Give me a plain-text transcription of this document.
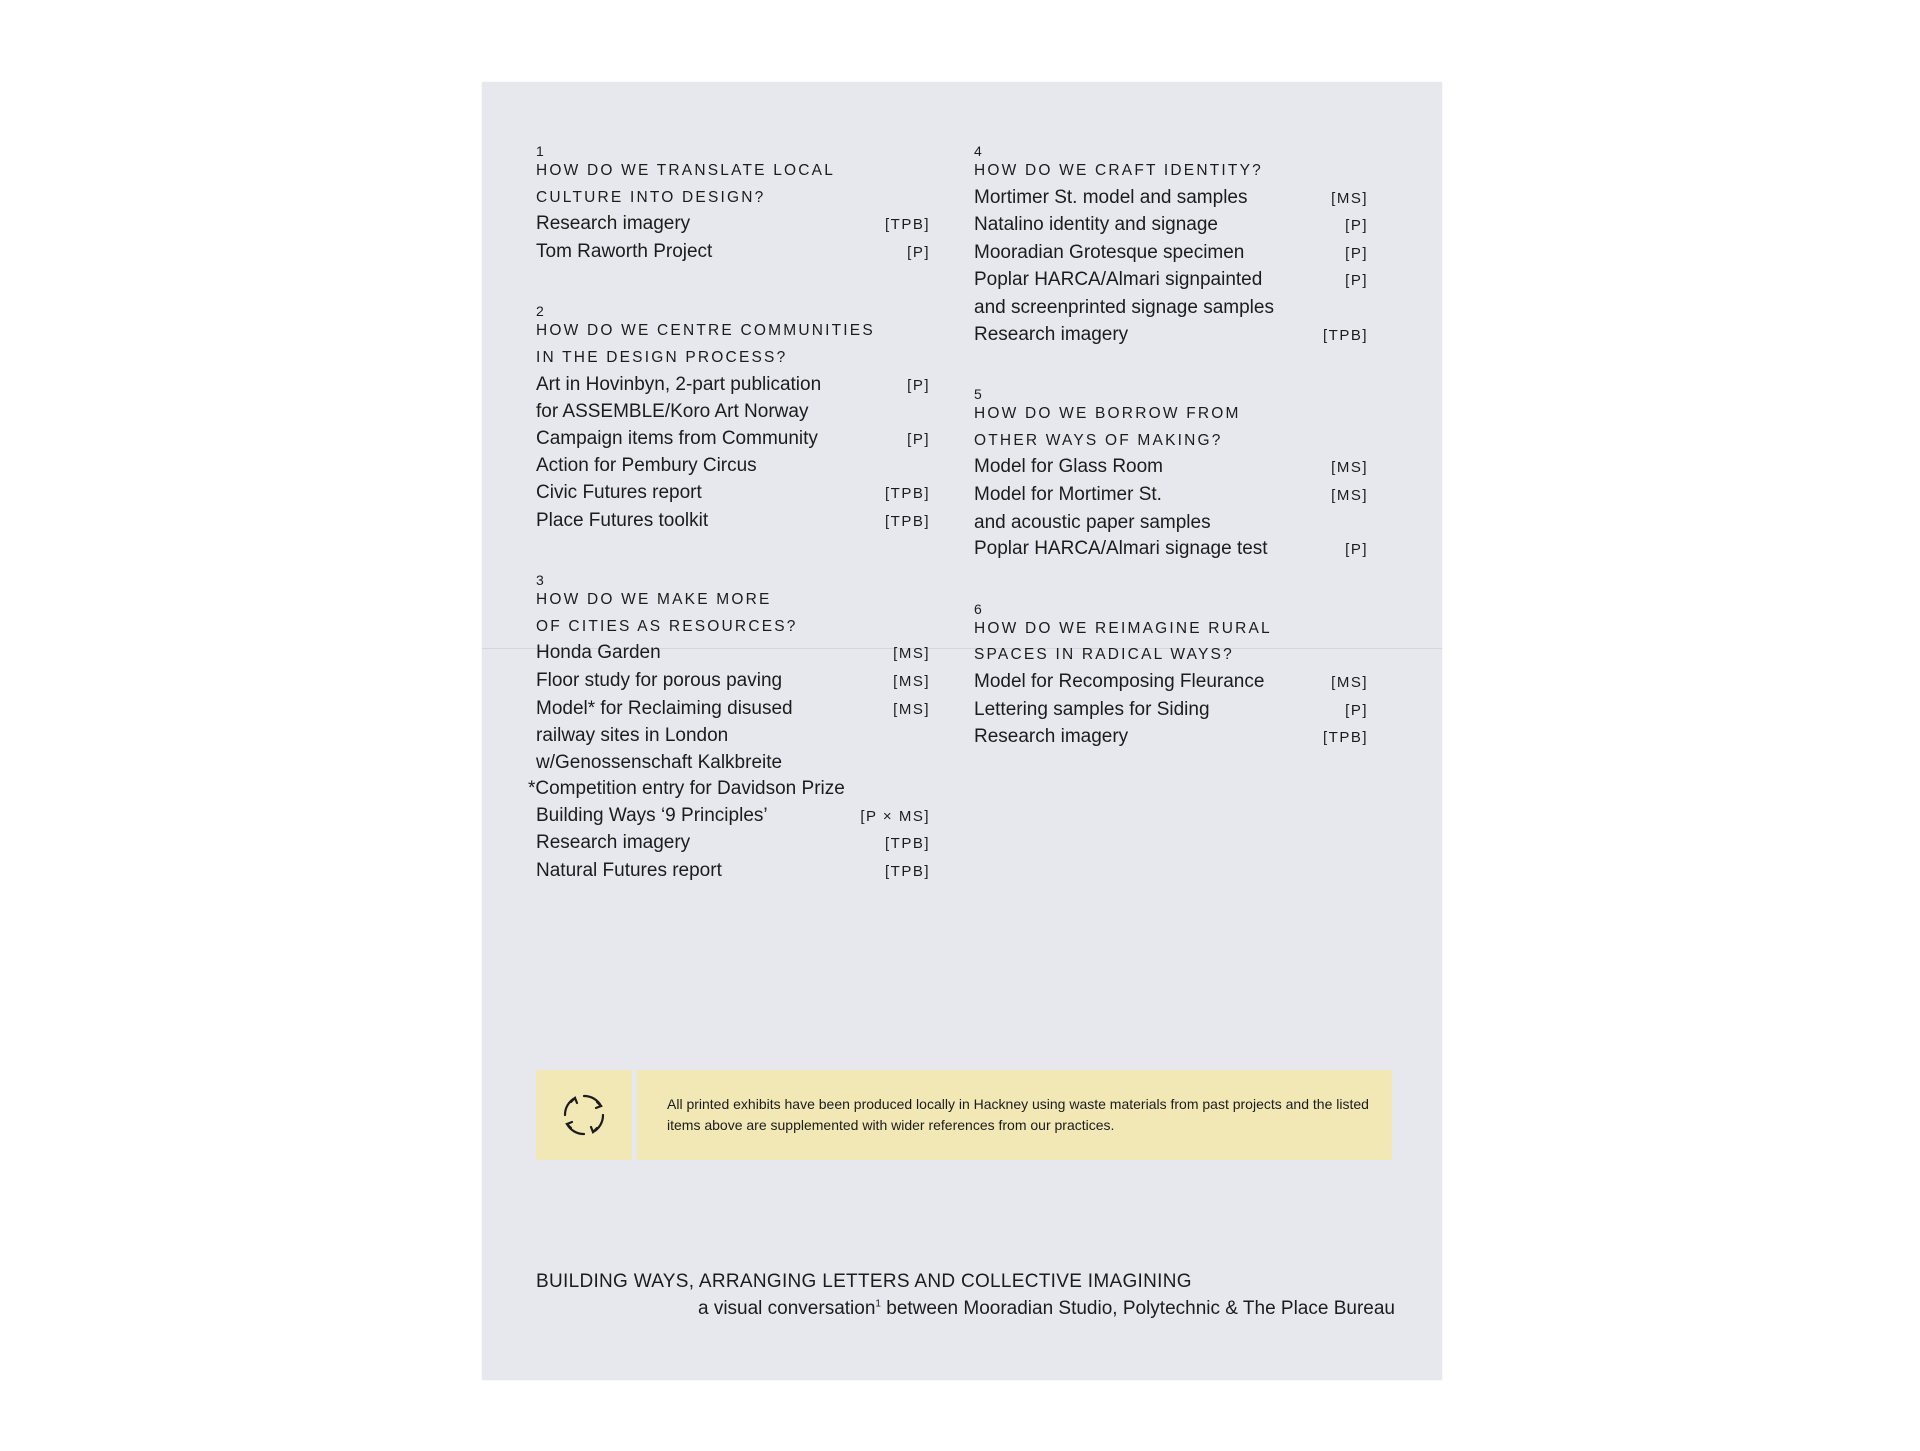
1
HOW DO WE TRANSLATE LOCAL
CULTURE INTO DESIGN?
Research imagery	[TPB]
Tom Raworth Project	[P]
2
HOW DO WE CENTRE COMMUNITIES
IN THE DESIGN PROCESS?
Art in Hovinbyn, 2-part publication	[P]
for ASSEMBLE/Koro Art Norway
Campaign items from Community	[P]
Action for Pembury Circus
Civic Futures report	[TPB]
Place Futures toolkit	[TPB]
3
HOW DO WE MAKE MORE
OF CITIES AS RESOURCES?
Honda Garden	[MS]
Floor study for porous paving	[MS]
Model* for Reclaiming disused	[MS]
railway sites in London
w/Genossenschaft Kalkbreite
*Competition entry for Davidson Prize
Building Ways ‘9 Principles’	[P × MS]
Research imagery	[TPB]
Natural Futures report	[TPB]
4
HOW DO WE CRAFT IDENTITY?
Mortimer St. model and samples	[MS]
Natalino identity and signage	[P]
Mooradian Grotesque specimen	[P]
Poplar HARCA/Almari signpainted	[P]
and screenprinted signage samples
Research imagery	[TPB]
5
HOW DO WE BORROW FROM
OTHER WAYS OF MAKING?
Model for Glass Room	[MS]
Model for Mortimer St.	[MS]
and acoustic paper samples
Poplar HARCA/Almari signage test	[P]
6
HOW DO WE REIMAGINE RURAL
SPACES IN RADICAL WAYS?
Model for Recomposing Fleurance	[MS]
Lettering samples for Siding	[P]
Research imagery	[TPB]
All printed exhibits have been produced locally in Hackney using waste materials from past projects and the listed items above are supplemented with wider references from our practices.
BUILDING WAYS, ARRANGING LETTERS AND COLLECTIVE IMAGINING
a visual conversation$^1$ between Mooradian Studio, Polytechnic & The Place Bureau
